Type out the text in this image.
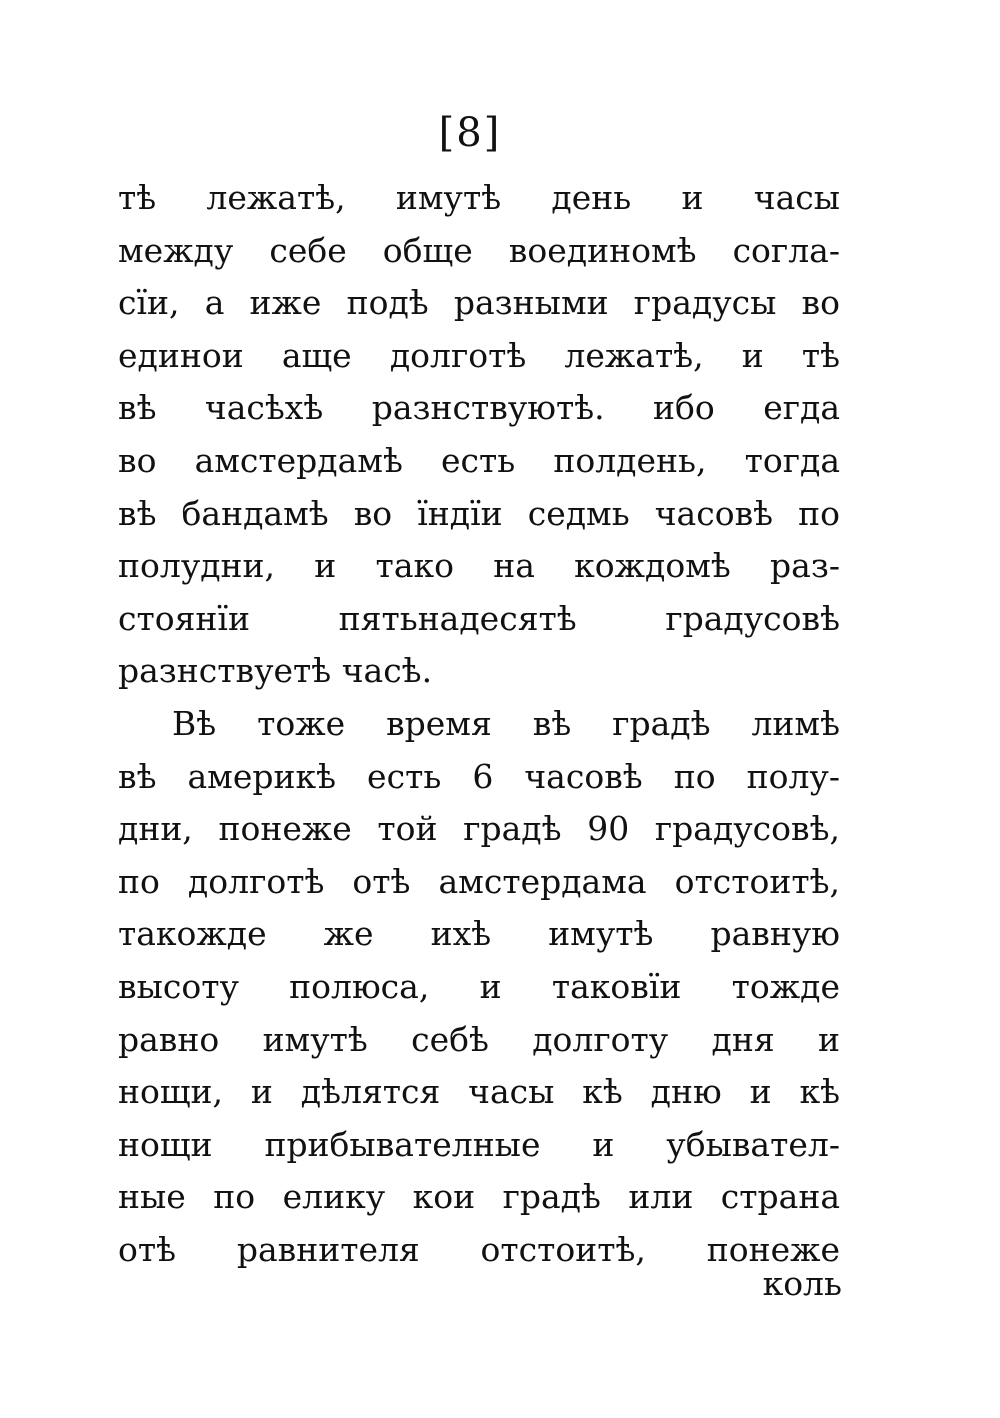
[8]
тѣ лежатѣ, имутѣ день и часы
между себе обще воединомѣ согла-
сїи, а иже подѣ разными градусы во
единои аще долготѣ лежатѣ, и тѣ
вѣ часѣхѣ разнствуютѣ. ибо егда
во амстердамѣ есть полдень, тогда
вѣ бандамѣ во їндїи седмь часовѣ по
полудни, и тако на кождомѣ раз-
стоянїи пятьнадесятѣ градусовѣ
разнствуетѣ часѣ.
Вѣ тоже время вѣ градѣ лимѣ
вѣ америкѣ есть 6 часовѣ по полу-
дни, понеже той градѣ 90 градусовѣ,
по долготѣ отѣ амстердама отстоитѣ,
такожде же ихѣ имутѣ равную
высоту полюса, и таковїи тожде
равно имутѣ себѣ долготу дня и
нощи, и дѣлятся часы кѣ дню и кѣ
нощи прибывателные и убывател-
ные по елику кои градѣ или страна
отѣ равнителя отстоитѣ, понеже
коль
